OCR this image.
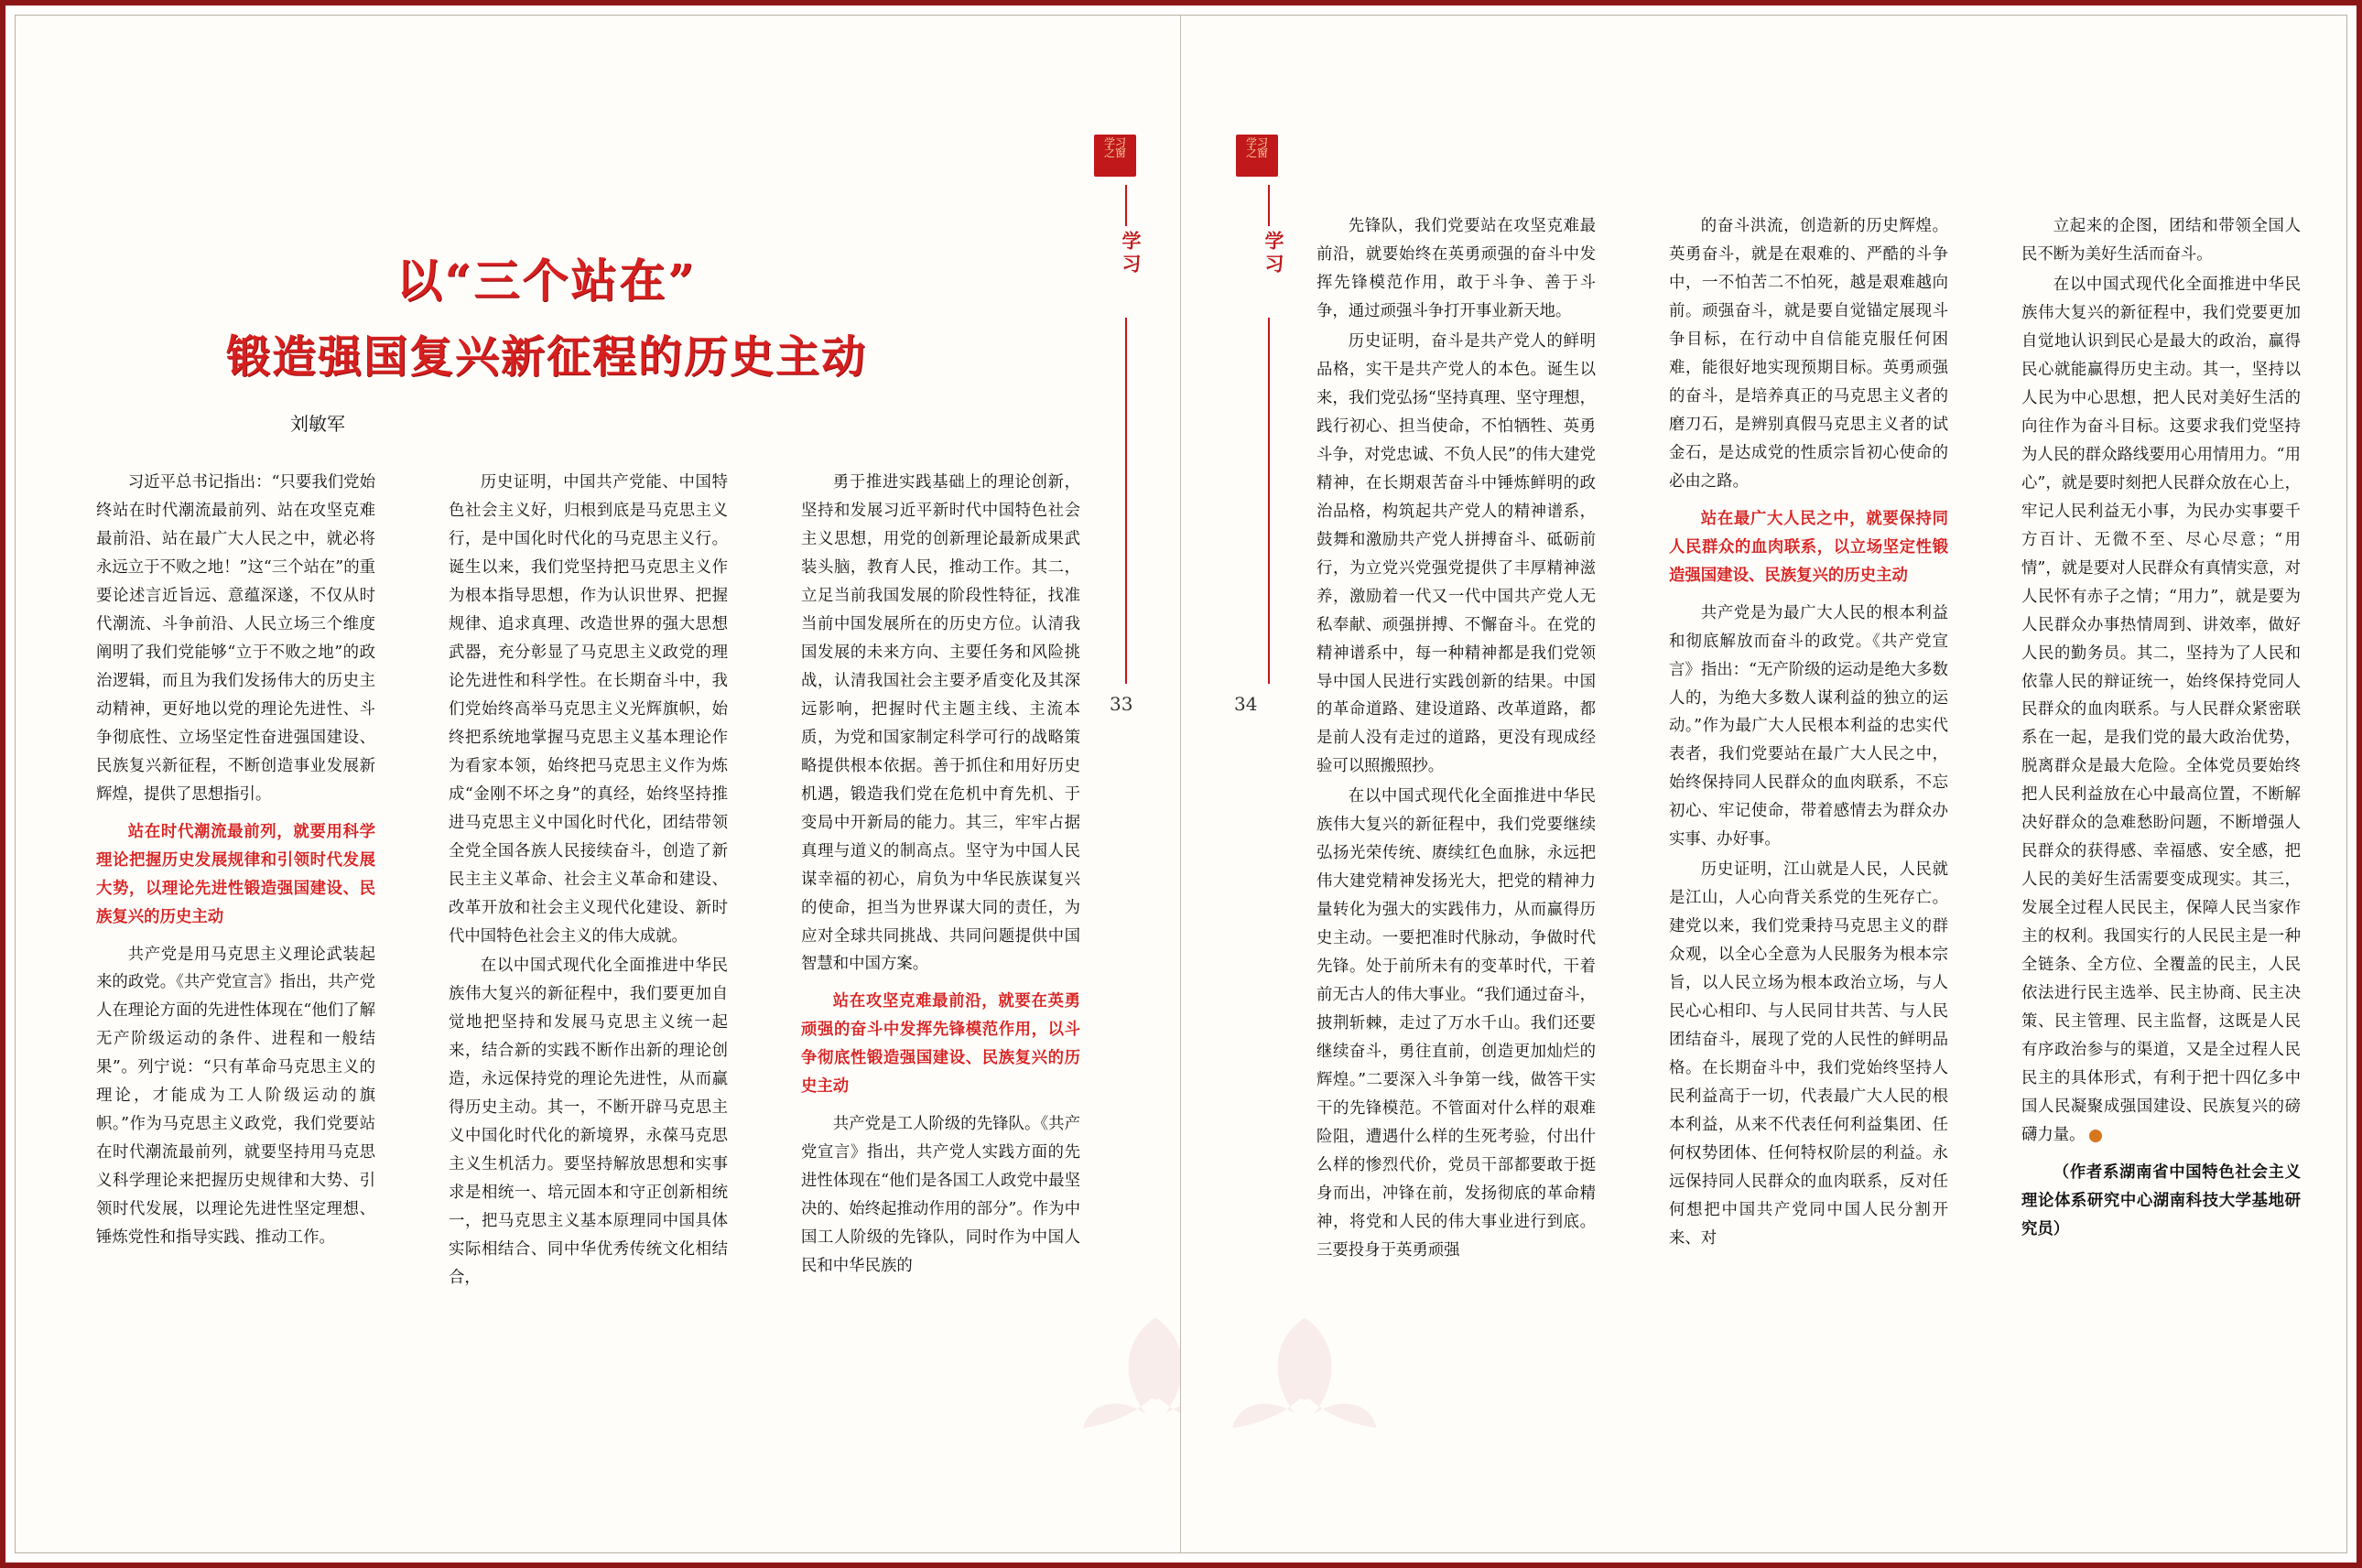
学习
之窗
学习
33
以“三个站在”
锻造强国复兴新征程的历史主动
刘敏军

习近平总书记指出：“只要我们党始终站在时代潮流最前列、站在攻坚克难最前沿、站在最广大人民之中，就必将永远立于不败之地！”这“三个站在”的重要论述言近旨远、意蕴深遂，不仅从时代潮流、斗争前沿、人民立场三个维度阐明了我们党能够“立于不败之地”的政治逻辑，而且为我们发扬伟大的历史主动精神，更好地以党的理论先进性、斗争彻底性、立场坚定性奋进强国建设、民族复兴新征程，不断创造事业发展新辉煌，提供了思想指引。

站在时代潮流最前列，就要用科学理论把握历史发展规律和引领时代发展大势，以理论先进性锻造强国建设、民族复兴的历史主动

共产党是用马克思主义理论武装起来的政党。《共产党宣言》指出，共产党人在理论方面的先进性体现在“他们了解无产阶级运动的条件、进程和一般结果”。列宁说：“只有革命马克思主义的理论，才能成为工人阶级运动的旗帜。”作为马克思主义政党，我们党要站在时代潮流最前列，就要坚持用马克思义科学理论来把握历史规律和大势、引领时代发展，以理论先进性坚定理想、锤炼党性和指导实践、推动工作。

历史证明，中国共产党能、中国特色社会主义好，归根到底是马克思主义行，是中国化时代化的马克思主义行。诞生以来，我们党坚持把马克思主义作为根本指导思想，作为认识世界、把握规律、追求真理、改造世界的强大思想武器，充分彰显了马克思主义政党的理论先进性和科学性。在长期奋斗中，我们党始终高举马克思主义光辉旗帜，始终把系统地掌握马克思主义基本理论作为看家本领，始终把马克思主义作为炼成“金刚不坏之身”的真经，始终坚持推进马克思主义中国化时代化，团结带领全党全国各族人民接续奋斗，创造了新民主主义革命、社会主义革命和建设、改革开放和社会主义现代化建设、新时代中国特色社会主义的伟大成就。

在以中国式现代化全面推进中华民族伟大复兴的新征程中，我们要更加自觉地把坚持和发展马克思主义统一起来，结合新的实践不断作出新的理论创造，永远保持党的理论先进性，从而赢得历史主动。其一，不断开辟马克思主义中国化时代化的新境界，永葆马克思主义生机活力。要坚持解放思想和实事求是相统一、培元固本和守正创新相统一，把马克思主义基本原理同中国具体实际相结合、同中华优秀传统文化相结合，

勇于推进实践基础上的理论创新，坚持和发展习近平新时代中国特色社会主义思想，用党的创新理论最新成果武装头脑，教育人民，推动工作。其二，立足当前我国发展的阶段性特征，找准当前中国发展所在的历史方位。认清我国发展的未来方向、主要任务和风险挑战，认清我国社会主要矛盾变化及其深远影响，把握时代主题主线、主流本质，为党和国家制定科学可行的战略策略提供根本依据。善于抓住和用好历史机遇，锻造我们党在危机中育先机、于变局中开新局的能力。其三，牢牢占据真理与道义的制高点。坚守为中国人民谋幸福的初心，肩负为中华民族谋复兴的使命，担当为世界谋大同的责任，为应对全球共同挑战、共同问题提供中国智慧和中国方案。

站在攻坚克难最前沿，就要在英勇顽强的奋斗中发挥先锋模范作用，以斗争彻底性锻造强国建设、民族复兴的历史主动

共产党是工人阶级的先锋队。《共产党宣言》指出，共产党人实践方面的先进性体现在“他们是各国工人政党中最坚决的、始终起推动作用的部分”。作为中国工人阶级的先锋队，同时作为中国人民和中华民族的

学习
之窗
学习
34

先锋队，我们党要站在攻坚克难最前沿，就要始终在英勇顽强的奋斗中发挥先锋模范作用，敢于斗争、善于斗争，通过顽强斗争打开事业新天地。

历史证明，奋斗是共产党人的鲜明品格，实干是共产党人的本色。诞生以来，我们党弘扬“坚持真理、坚守理想，践行初心、担当使命，不怕牺牲、英勇斗争，对党忠诚、不负人民”的伟大建党精神，在长期艰苦奋斗中锤炼鲜明的政治品格，构筑起共产党人的精神谱系，鼓舞和激励共产党人拼搏奋斗、砥砺前行，为立党兴党强党提供了丰厚精神滋养，激励着一代又一代中国共产党人无私奉献、顽强拼搏、不懈奋斗。在党的精神谱系中，每一种精神都是我们党领导中国人民进行实践创新的结果。中国的革命道路、建设道路、改革道路，都是前人没有走过的道路，更没有现成经验可以照搬照抄。

在以中国式现代化全面推进中华民族伟大复兴的新征程中，我们党要继续弘扬光荣传统、赓续红色血脉，永远把伟大建党精神发扬光大，把党的精神力量转化为强大的实践伟力，从而赢得历史主动。一要把准时代脉动，争做时代先锋。处于前所未有的变革时代，干着前无古人的伟大事业。“我们通过奋斗，披荆斩棘，走过了万水千山。我们还要继续奋斗，勇往直前，创造更加灿烂的辉煌。”二要深入斗争第一线，做答干实干的先锋模范。不管面对什么样的艰难险阻，遭遇什么样的生死考验，付出什么样的惨烈代价，党员干部都要敢于挺身而出，冲锋在前，发扬彻底的革命精神，将党和人民的伟大事业进行到底。三要投身于英勇顽强

的奋斗洪流，创造新的历史辉煌。英勇奋斗，就是在艰难的、严酷的斗争中，一不怕苦二不怕死，越是艰难越向前。顽强奋斗，就是要自觉锚定展现斗争目标，在行动中自信能克服任何困难，能很好地实现预期目标。英勇顽强的奋斗，是培养真正的马克思主义者的磨刀石，是辨别真假马克思主义者的试金石，是达成党的性质宗旨初心使命的必由之路。

站在最广大人民之中，就要保持同人民群众的血肉联系，以立场坚定性锻造强国建设、民族复兴的历史主动

共产党是为最广大人民的根本利益和彻底解放而奋斗的政党。《共产党宣言》指出：“无产阶级的运动是绝大多数人的，为绝大多数人谋利益的独立的运动。”作为最广大人民根本利益的忠实代表者，我们党要站在最广大人民之中，始终保持同人民群众的血肉联系，不忘初心、牢记使命，带着感情去为群众办实事、办好事。

历史证明，江山就是人民，人民就是江山，人心向背关系党的生死存亡。建党以来，我们党秉持马克思主义的群众观，以全心全意为人民服务为根本宗旨，以人民立场为根本政治立场，与人民心心相印、与人民同甘共苦、与人民团结奋斗，展现了党的人民性的鲜明品格。在长期奋斗中，我们党始终坚持人民利益高于一切，代表最广大人民的根本利益，从来不代表任何利益集团、任何权势团体、任何特权阶层的利益。永远保持同人民群众的血肉联系，反对任何想把中国共产党同中国人民分割开来、对

立起来的企图，团结和带领全国人民不断为美好生活而奋斗。

在以中国式现代化全面推进中华民族伟大复兴的新征程中，我们党要更加自觉地认识到民心是最大的政治，赢得民心就能赢得历史主动。其一，坚持以人民为中心思想，把人民对美好生活的向往作为奋斗目标。这要求我们党坚持为人民的群众路线要用心用情用力。“用心”，就是要时刻把人民群众放在心上，牢记人民利益无小事，为民办实事要千方百计、无微不至、尽心尽意；“用情”，就是要对人民群众有真情实意，对人民怀有赤子之情；“用力”，就是要为人民群众办事热情周到、讲效率，做好人民的勤务员。其二，坚持为了人民和依靠人民的辩证统一，始终保持党同人民群众的血肉联系。与人民群众紧密联系在一起，是我们党的最大政治优势，脱离群众是最大危险。全体党员要始终把人民利益放在心中最高位置，不断解决好群众的急难愁盼问题，不断增强人民群众的获得感、幸福感、安全感，把人民的美好生活需要变成现实。其三，发展全过程人民民主，保障人民当家作主的权利。我国实行的人民民主是一种全链条、全方位、全覆盖的民主，人民依法进行民主选举、民主协商、民主决策、民主管理、民主监督，这既是人民有序政治参与的渠道，又是全过程人民民主的具体形式，有利于把十四亿多中国人民凝聚成强国建设、民族复兴的磅礴力量。

（作者系湖南省中国特色社会主义理论体系研究中心湖南科技大学基地研究员）
